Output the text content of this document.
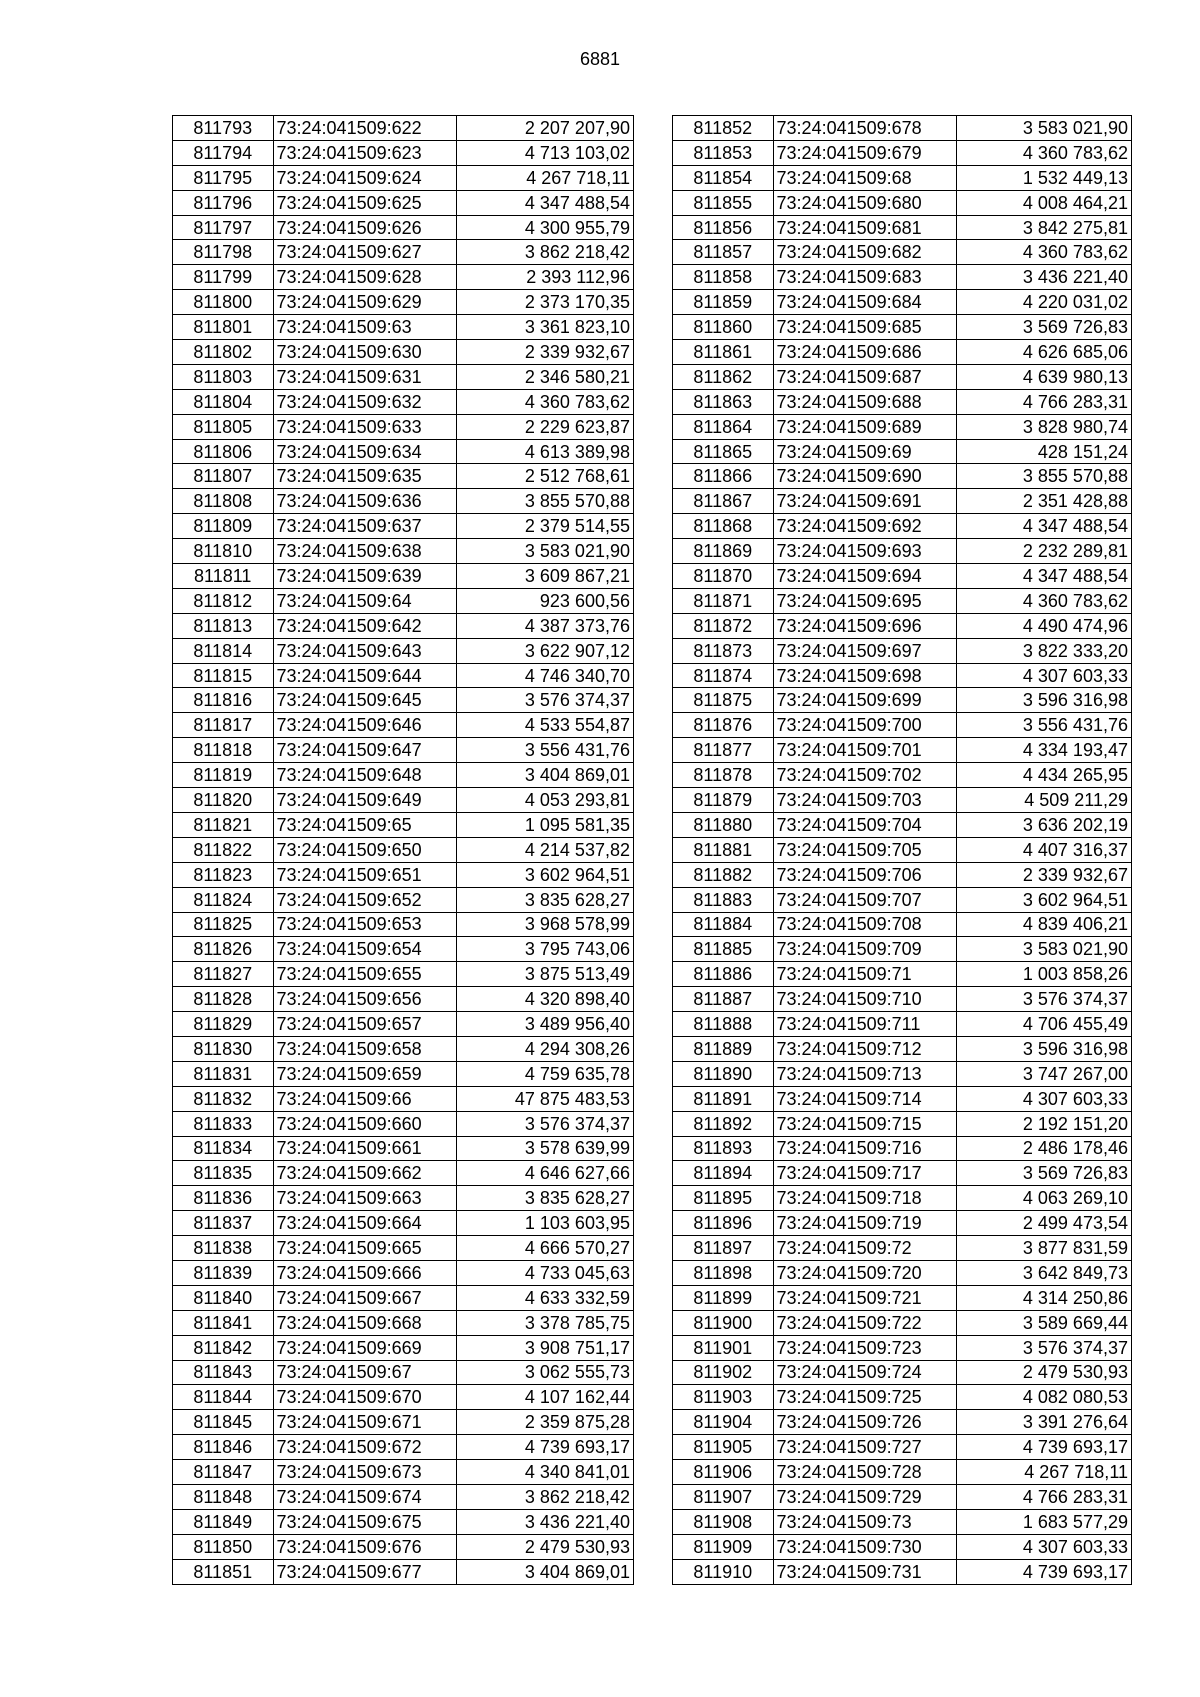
6881
811793	73:24:041509:622	2 207 207,90
811794	73:24:041509:623	4 713 103,02
811795	73:24:041509:624	4 267 718,11
811796	73:24:041509:625	4 347 488,54
811797	73:24:041509:626	4 300 955,79
811798	73:24:041509:627	3 862 218,42
811799	73:24:041509:628	2 393 112,96
811800	73:24:041509:629	2 373 170,35
811801	73:24:041509:63	3 361 823,10
811802	73:24:041509:630	2 339 932,67
811803	73:24:041509:631	2 346 580,21
811804	73:24:041509:632	4 360 783,62
811805	73:24:041509:633	2 229 623,87
811806	73:24:041509:634	4 613 389,98
811807	73:24:041509:635	2 512 768,61
811808	73:24:041509:636	3 855 570,88
811809	73:24:041509:637	2 379 514,55
811810	73:24:041509:638	3 583 021,90
811811	73:24:041509:639	3 609 867,21
811812	73:24:041509:64	923 600,56
811813	73:24:041509:642	4 387 373,76
811814	73:24:041509:643	3 622 907,12
811815	73:24:041509:644	4 746 340,70
811816	73:24:041509:645	3 576 374,37
811817	73:24:041509:646	4 533 554,87
811818	73:24:041509:647	3 556 431,76
811819	73:24:041509:648	3 404 869,01
811820	73:24:041509:649	4 053 293,81
811821	73:24:041509:65	1 095 581,35
811822	73:24:041509:650	4 214 537,82
811823	73:24:041509:651	3 602 964,51
811824	73:24:041509:652	3 835 628,27
811825	73:24:041509:653	3 968 578,99
811826	73:24:041509:654	3 795 743,06
811827	73:24:041509:655	3 875 513,49
811828	73:24:041509:656	4 320 898,40
811829	73:24:041509:657	3 489 956,40
811830	73:24:041509:658	4 294 308,26
811831	73:24:041509:659	4 759 635,78
811832	73:24:041509:66	47 875 483,53
811833	73:24:041509:660	3 576 374,37
811834	73:24:041509:661	3 578 639,99
811835	73:24:041509:662	4 646 627,66
811836	73:24:041509:663	3 835 628,27
811837	73:24:041509:664	1 103 603,95
811838	73:24:041509:665	4 666 570,27
811839	73:24:041509:666	4 733 045,63
811840	73:24:041509:667	4 633 332,59
811841	73:24:041509:668	3 378 785,75
811842	73:24:041509:669	3 908 751,17
811843	73:24:041509:67	3 062 555,73
811844	73:24:041509:670	4 107 162,44
811845	73:24:041509:671	2 359 875,28
811846	73:24:041509:672	4 739 693,17
811847	73:24:041509:673	4 340 841,01
811848	73:24:041509:674	3 862 218,42
811849	73:24:041509:675	3 436 221,40
811850	73:24:041509:676	2 479 530,93
811851	73:24:041509:677	3 404 869,01
811852	73:24:041509:678	3 583 021,90
811853	73:24:041509:679	4 360 783,62
811854	73:24:041509:68	1 532 449,13
811855	73:24:041509:680	4 008 464,21
811856	73:24:041509:681	3 842 275,81
811857	73:24:041509:682	4 360 783,62
811858	73:24:041509:683	3 436 221,40
811859	73:24:041509:684	4 220 031,02
811860	73:24:041509:685	3 569 726,83
811861	73:24:041509:686	4 626 685,06
811862	73:24:041509:687	4 639 980,13
811863	73:24:041509:688	4 766 283,31
811864	73:24:041509:689	3 828 980,74
811865	73:24:041509:69	428 151,24
811866	73:24:041509:690	3 855 570,88
811867	73:24:041509:691	2 351 428,88
811868	73:24:041509:692	4 347 488,54
811869	73:24:041509:693	2 232 289,81
811870	73:24:041509:694	4 347 488,54
811871	73:24:041509:695	4 360 783,62
811872	73:24:041509:696	4 490 474,96
811873	73:24:041509:697	3 822 333,20
811874	73:24:041509:698	4 307 603,33
811875	73:24:041509:699	3 596 316,98
811876	73:24:041509:700	3 556 431,76
811877	73:24:041509:701	4 334 193,47
811878	73:24:041509:702	4 434 265,95
811879	73:24:041509:703	4 509 211,29
811880	73:24:041509:704	3 636 202,19
811881	73:24:041509:705	4 407 316,37
811882	73:24:041509:706	2 339 932,67
811883	73:24:041509:707	3 602 964,51
811884	73:24:041509:708	4 839 406,21
811885	73:24:041509:709	3 583 021,90
811886	73:24:041509:71	1 003 858,26
811887	73:24:041509:710	3 576 374,37
811888	73:24:041509:711	4 706 455,49
811889	73:24:041509:712	3 596 316,98
811890	73:24:041509:713	3 747 267,00
811891	73:24:041509:714	4 307 603,33
811892	73:24:041509:715	2 192 151,20
811893	73:24:041509:716	2 486 178,46
811894	73:24:041509:717	3 569 726,83
811895	73:24:041509:718	4 063 269,10
811896	73:24:041509:719	2 499 473,54
811897	73:24:041509:72	3 877 831,59
811898	73:24:041509:720	3 642 849,73
811899	73:24:041509:721	4 314 250,86
811900	73:24:041509:722	3 589 669,44
811901	73:24:041509:723	3 576 374,37
811902	73:24:041509:724	2 479 530,93
811903	73:24:041509:725	4 082 080,53
811904	73:24:041509:726	3 391 276,64
811905	73:24:041509:727	4 739 693,17
811906	73:24:041509:728	4 267 718,11
811907	73:24:041509:729	4 766 283,31
811908	73:24:041509:73	1 683 577,29
811909	73:24:041509:730	4 307 603,33
811910	73:24:041509:731	4 739 693,17
